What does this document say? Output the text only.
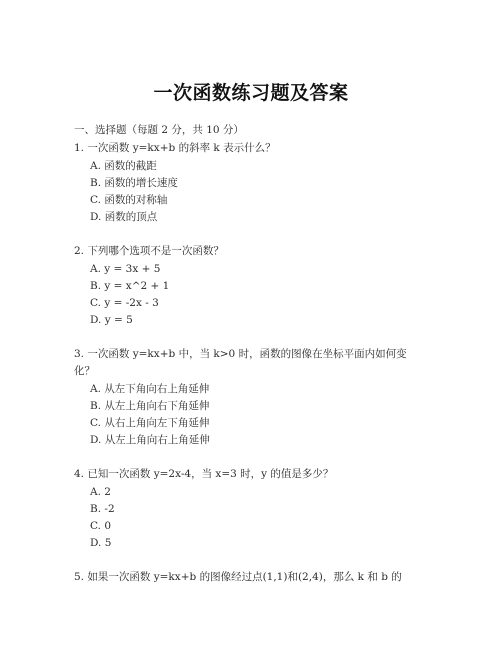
一次函数练习题及答案
一、选择题（每题 2 分，共 10 分）
1. 一次函数 y=kx+b 的斜率 k 表示什么？
A. 函数的截距
B. 函数的增长速度
C. 函数的对称轴
D. 函数的顶点
2. 下列哪个选项不是一次函数？
A. y = 3x + 5
B. y = x^2 + 1
C. y = -2x - 3
D. y = 5
3. 一次函数 y=kx+b 中，当 k>0 时，函数的图像在坐标平面内如何变
化？
A. 从左下角向右上角延伸
B. 从左上角向右下角延伸
C. 从右上角向左下角延伸
D. 从左上角向右上角延伸
4. 已知一次函数 y=2x-4，当 x=3 时，y 的值是多少？
A. 2
B. -2
C. 0
D. 5
5. 如果一次函数 y=kx+b 的图像经过点(1,1)和(2,4)，那么 k 和 b 的
